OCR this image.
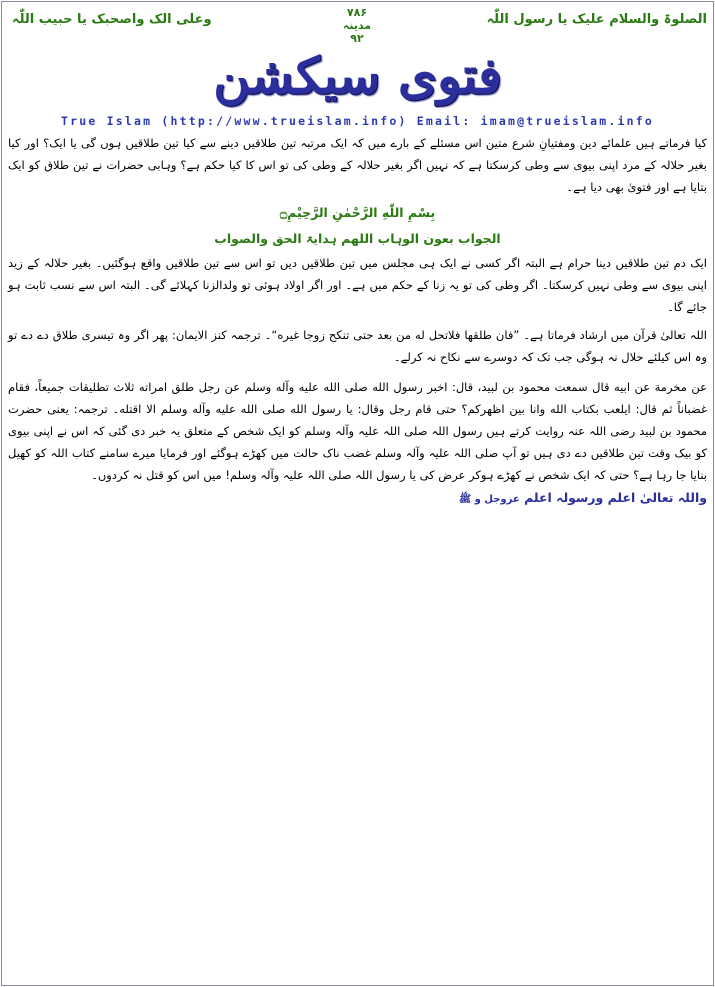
الصلوۃ والسلام علیک یا رسول اللّٰہ
۷۸۶
مدینہ
۹۲
وعلی الک واصحبک یا حبیب اللّٰہ
فتوی سیکشن
True Islam (http://www.trueislam.info) Email: imam@trueislam.info

کیا فرماتے ہیں علمائے دین ومفتیانِ شرع متین اس مسئلے کے بارے میں کہ ایک مرتبہ تین طلاقیں دینے سے کیا تین طلاقیں ہوں گی یا ایک؟ اور کیا بغیر حلالہ کے مرد اپنی بیوی سے وطی کرسکتا ہے کہ نہیں اگر بغیر حلالہ کے وطی کی تو اس کا کیا حکم ہے؟ وہابی حضرات نے تین طلاق کو ایک بتایا ہے اور فتویٰ بھی دیا ہے۔

بِسْمِ اللّٰهِ الرَّحْمٰنِ الرَّحِيْمِ۝
الجواب بعون الوہاب اللھم ہدایۃ الحق والصواب

ایک دم تین طلاقیں دینا حرام ہے البتہ اگر کسی نے ایک ہی مجلس میں تین طلاقیں دیں تو اس سے تین طلاقیں واقع ہوگئیں۔ بغیر حلالہ کے زید اپنی بیوی سے وطی نہیں کرسکتا۔ اگر وطی کی تو یہ زنا کے حکم میں ہے۔ اور اگر اولاد ہوئی تو ولدالزنا کہلائے گی۔ البتہ اس سے نسب ثابت ہو جائے گا۔

اللہ تعالیٰ قرآن میں ارشاد فرماتا ہے۔ ”فان طلقها فلاتحل له من بعد حتى تنكح زوجا غيره“۔ ترجمہ کنز الایمان: پھر اگر وہ تیسری طلاق دے دے تو وہ اس کیلئے حلال نہ ہوگی جب تک کہ دوسرے سے نکاح نہ کرلے۔

عن مخرمة عن ابيه قال سمعت محمود بن لبيد، قال: اخبر رسول الله صلى الله عليه وآله وسلم عن رجل طلق امراته ثلاث تطليقات جميعاً، فقام غضباناً ثم قال: ايلعب بكتاب الله وانا بين اظهركم؟ حتى قام رجل وقال: يا رسول الله صلى الله عليه وآله وسلم الا اقتله۔ ترجمہ: یعنی حضرت محمود بن لبید رضی اللہ عنہ روایت کرتے ہیں رسول اللہ صلی اللہ علیہ وآلہ وسلم کو ایک شخص کے متعلق یہ خبر دی گئی کہ اس نے اپنی بیوی کو بیک وقت تین طلاقیں دے دی ہیں تو آپ صلی اللہ علیہ وآلہ وسلم غضب ناک حالت میں کھڑے ہوگئے اور فرمایا میرے سامنے کتاب اللہ کو کھیل بنایا جا رہا ہے؟ حتی کہ ایک شخص نے کھڑے ہوکر عرض کی یا رسول اللہ صلی اللہ علیہ وآلہ وسلم! میں اس کو قتل نہ کردوں۔

واللہ تعالیٰ اعلم ورسولہ اعلم عزوجل و ﷺ
